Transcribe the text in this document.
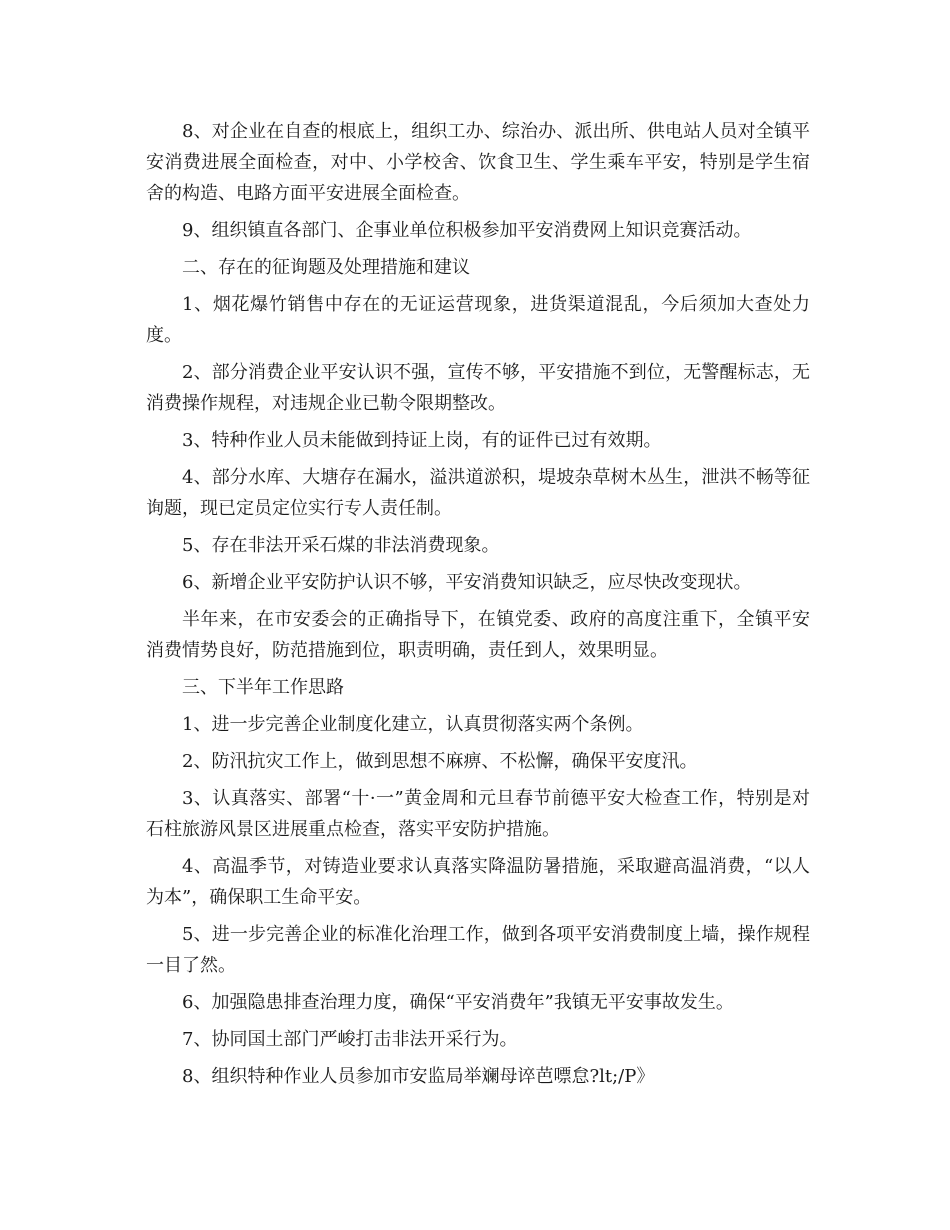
8、对企业在自查的根底上，组织工办、综治办、派出所、供电站人员对全镇平安消费进展全面检查，对中、小学校舍、饮食卫生、学生乘车平安，特别是学生宿舍的构造、电路方面平安进展全面检查。

9、组织镇直各部门、企事业单位积极参加平安消费网上知识竞赛活动。

二、存在的征询题及处理措施和建议

1、烟花爆竹销售中存在的无证运营现象，进货渠道混乱，今后须加大查处力度。

2、部分消费企业平安认识不强，宣传不够，平安措施不到位，无警醒标志，无消费操作规程，对违规企业已勒令限期整改。

3、特种作业人员未能做到持证上岗，有的证件已过有效期。

4、部分水库、大塘存在漏水，溢洪道淤积，堤坡杂草树木丛生，泄洪不畅等征询题，现已定员定位实行专人责任制。

5、存在非法开采石煤的非法消费现象。

6、新增企业平安防护认识不够，平安消费知识缺乏，应尽快改变现状。

半年来，在市安委会的正确指导下，在镇党委、政府的高度注重下，全镇平安消费情势良好，防范措施到位，职责明确，责任到人，效果明显。

三、下半年工作思路

1、进一步完善企业制度化建立，认真贯彻落实两个条例。

2、防汛抗灾工作上，做到思想不麻痹、不松懈，确保平安度汛。

3、认真落实、部署“十·一”黄金周和元旦春节前德平安大检查工作，特别是对石柱旅游风景区进展重点检查，落实平安防护措施。

4、高温季节，对铸造业要求认真落实降温防暑措施，采取避高温消费，“以人为本”，确保职工生命平安。

5、进一步完善企业的标准化治理工作，做到各项平安消费制度上墙，操作规程一目了然。

6、加强隐患排查治理力度，确保“平安消费年”我镇无平安事故发生。

7、协同国土部门严峻打击非法开采行为。

8、组织特种作业人员参加市安监局举斓母谇芭嘌怠?lt;/P》
